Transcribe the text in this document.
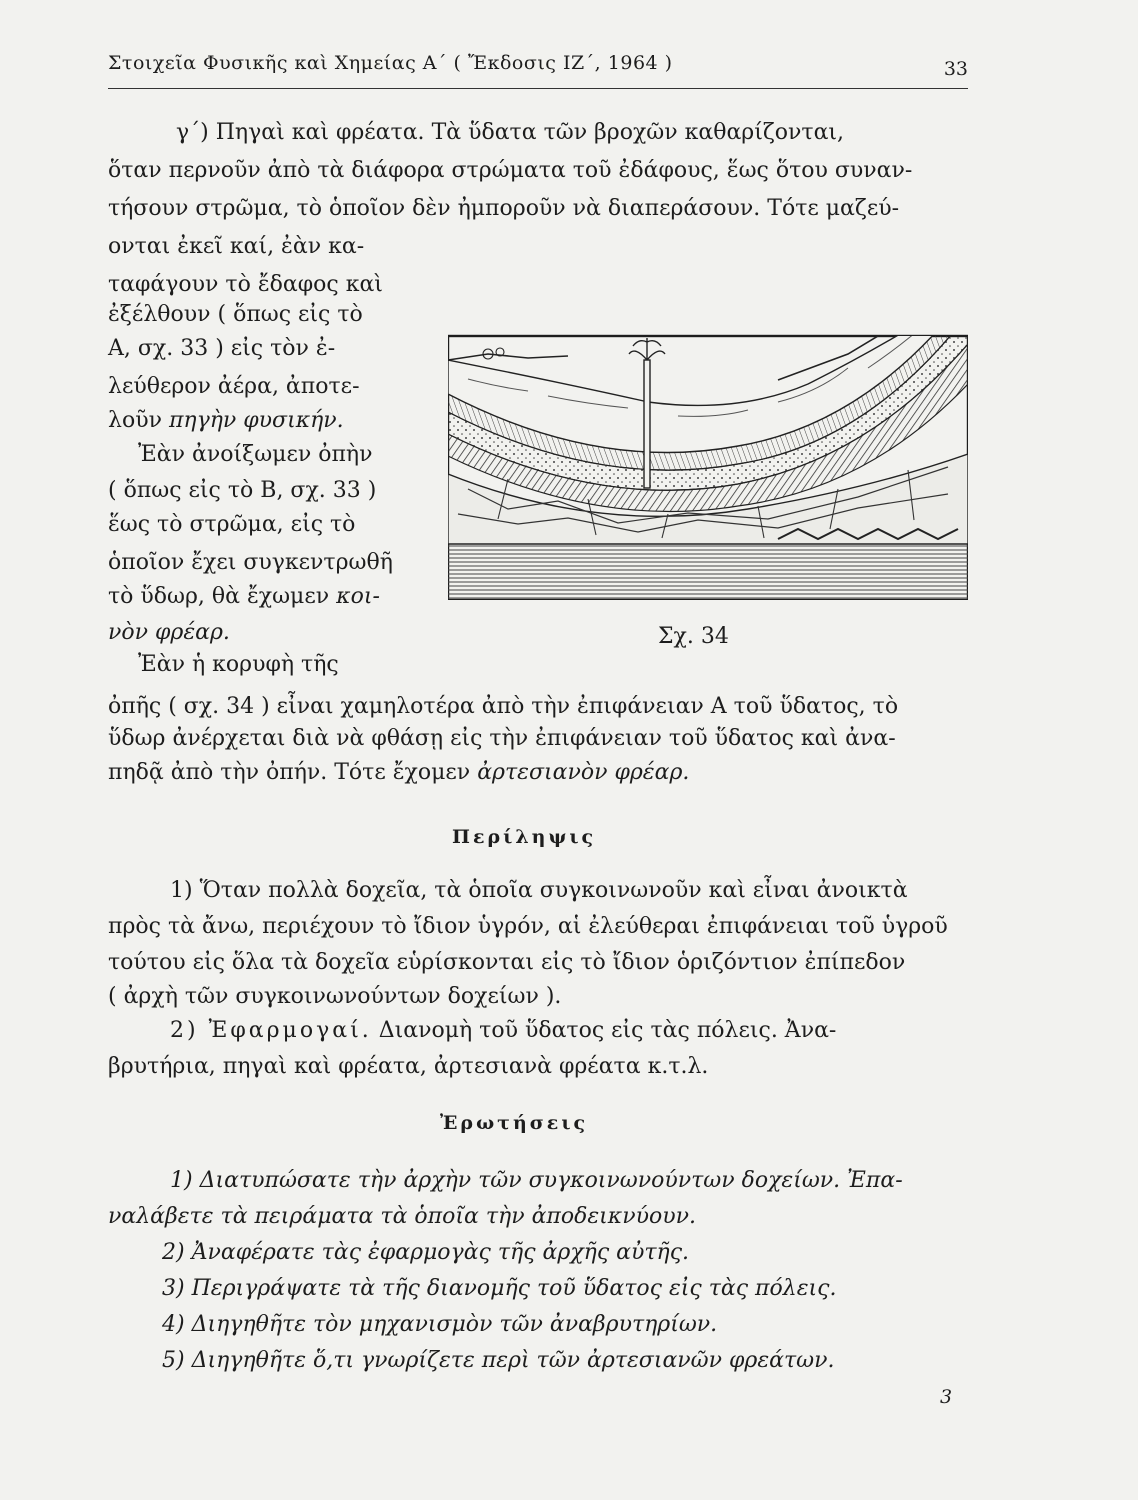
Στοιχεῖα Φυσικῆς καὶ Χημείας Α΄ ( Ἔκδοσις ΙΖ΄, 1964 )	33
γ΄) Πηγαὶ καὶ φρέατα. Τὰ ὕδατα τῶν βροχῶν καθαρίζονται,
ὅταν περνοῦν ἀπὸ τὰ διάφορα στρώματα τοῦ ἐδάφους, ἕως ὅτου συναν-
τήσουν στρῶμα, τὸ ὁποῖον δὲν ἠμποροῦν νὰ διαπεράσουν. Τότε μαζεύ-
ονται ἐκεῖ καί, ἐὰν κα-
ταφάγουν τὸ ἔδαφος καὶ
ἐξέλθουν ( ὅπως εἰς τὸ
Α, σχ. 33 ) εἰς τὸν ἐ-
λεύθερον ἀέρα, ἀποτε-
λοῦν πηγὴν φυσικήν.
Ἐὰν ἀνοίξωμεν ὀπὴν
( ὅπως εἰς τὸ Β, σχ. 33 )
ἕως τὸ στρῶμα, εἰς τὸ
ὁποῖον ἔχει συγκεντρωθῆ
τὸ ὕδωρ, θὰ ἔχωμεν κοι-
νὸν φρέαρ.
Ἐὰν ἡ κορυφὴ τῆς
ὀπῆς ( σχ. 34 ) εἶναι χαμηλοτέρα ἀπὸ τὴν ἐπιφάνειαν Α τοῦ ὕδατος, τὸ
ὕδωρ ἀνέρχεται διὰ νὰ φθάσῃ εἰς τὴν ἐπιφάνειαν τοῦ ὕδατος καὶ ἀνα-
πηδᾷ ἀπὸ τὴν ὀπήν. Τότε ἔχομεν ἀρτεσιανὸν φρέαρ.
Σχ. 34
Περίληψις
1) Ὅταν πολλὰ δοχεῖα, τὰ ὁποῖα συγκοινωνοῦν καὶ εἶναι ἀνοικτὰ
πρὸς τὰ ἄνω, περιέχουν τὸ ἴδιον ὑγρόν, αἱ ἐλεύθεραι ἐπιφάνειαι τοῦ ὑγροῦ
τούτου εἰς ὅλα τὰ δοχεῖα εὑρίσκονται εἰς τὸ ἴδιον ὁριζόντιον ἐπίπεδον
( ἀρχὴ τῶν συγκοινωνούντων δοχείων ).
2) Ἐφαρμογαί. Διανομὴ τοῦ ὕδατος εἰς τὰς πόλεις. Ἀνα-
βρυτήρια, πηγαὶ καὶ φρέατα, ἀρτεσιανὰ φρέατα κ.τ.λ.
Ἐρωτήσεις
1) Διατυπώσατε τὴν ἀρχὴν τῶν συγκοινωνούντων δοχείων. Ἐπα-
ναλάβετε τὰ πειράματα τὰ ὁποῖα τὴν ἀποδεικνύουν.
2) Ἀναφέρατε τὰς ἐφαρμογὰς τῆς ἀρχῆς αὐτῆς.
3) Περιγράψατε τὰ τῆς διανομῆς τοῦ ὕδατος εἰς τὰς πόλεις.
4) Διηγηθῆτε τὸν μηχανισμὸν τῶν ἀναβρυτηρίων.
5) Διηγηθῆτε ὅ,τι γνωρίζετε περὶ τῶν ἀρτεσιανῶν φρεάτων.
3
